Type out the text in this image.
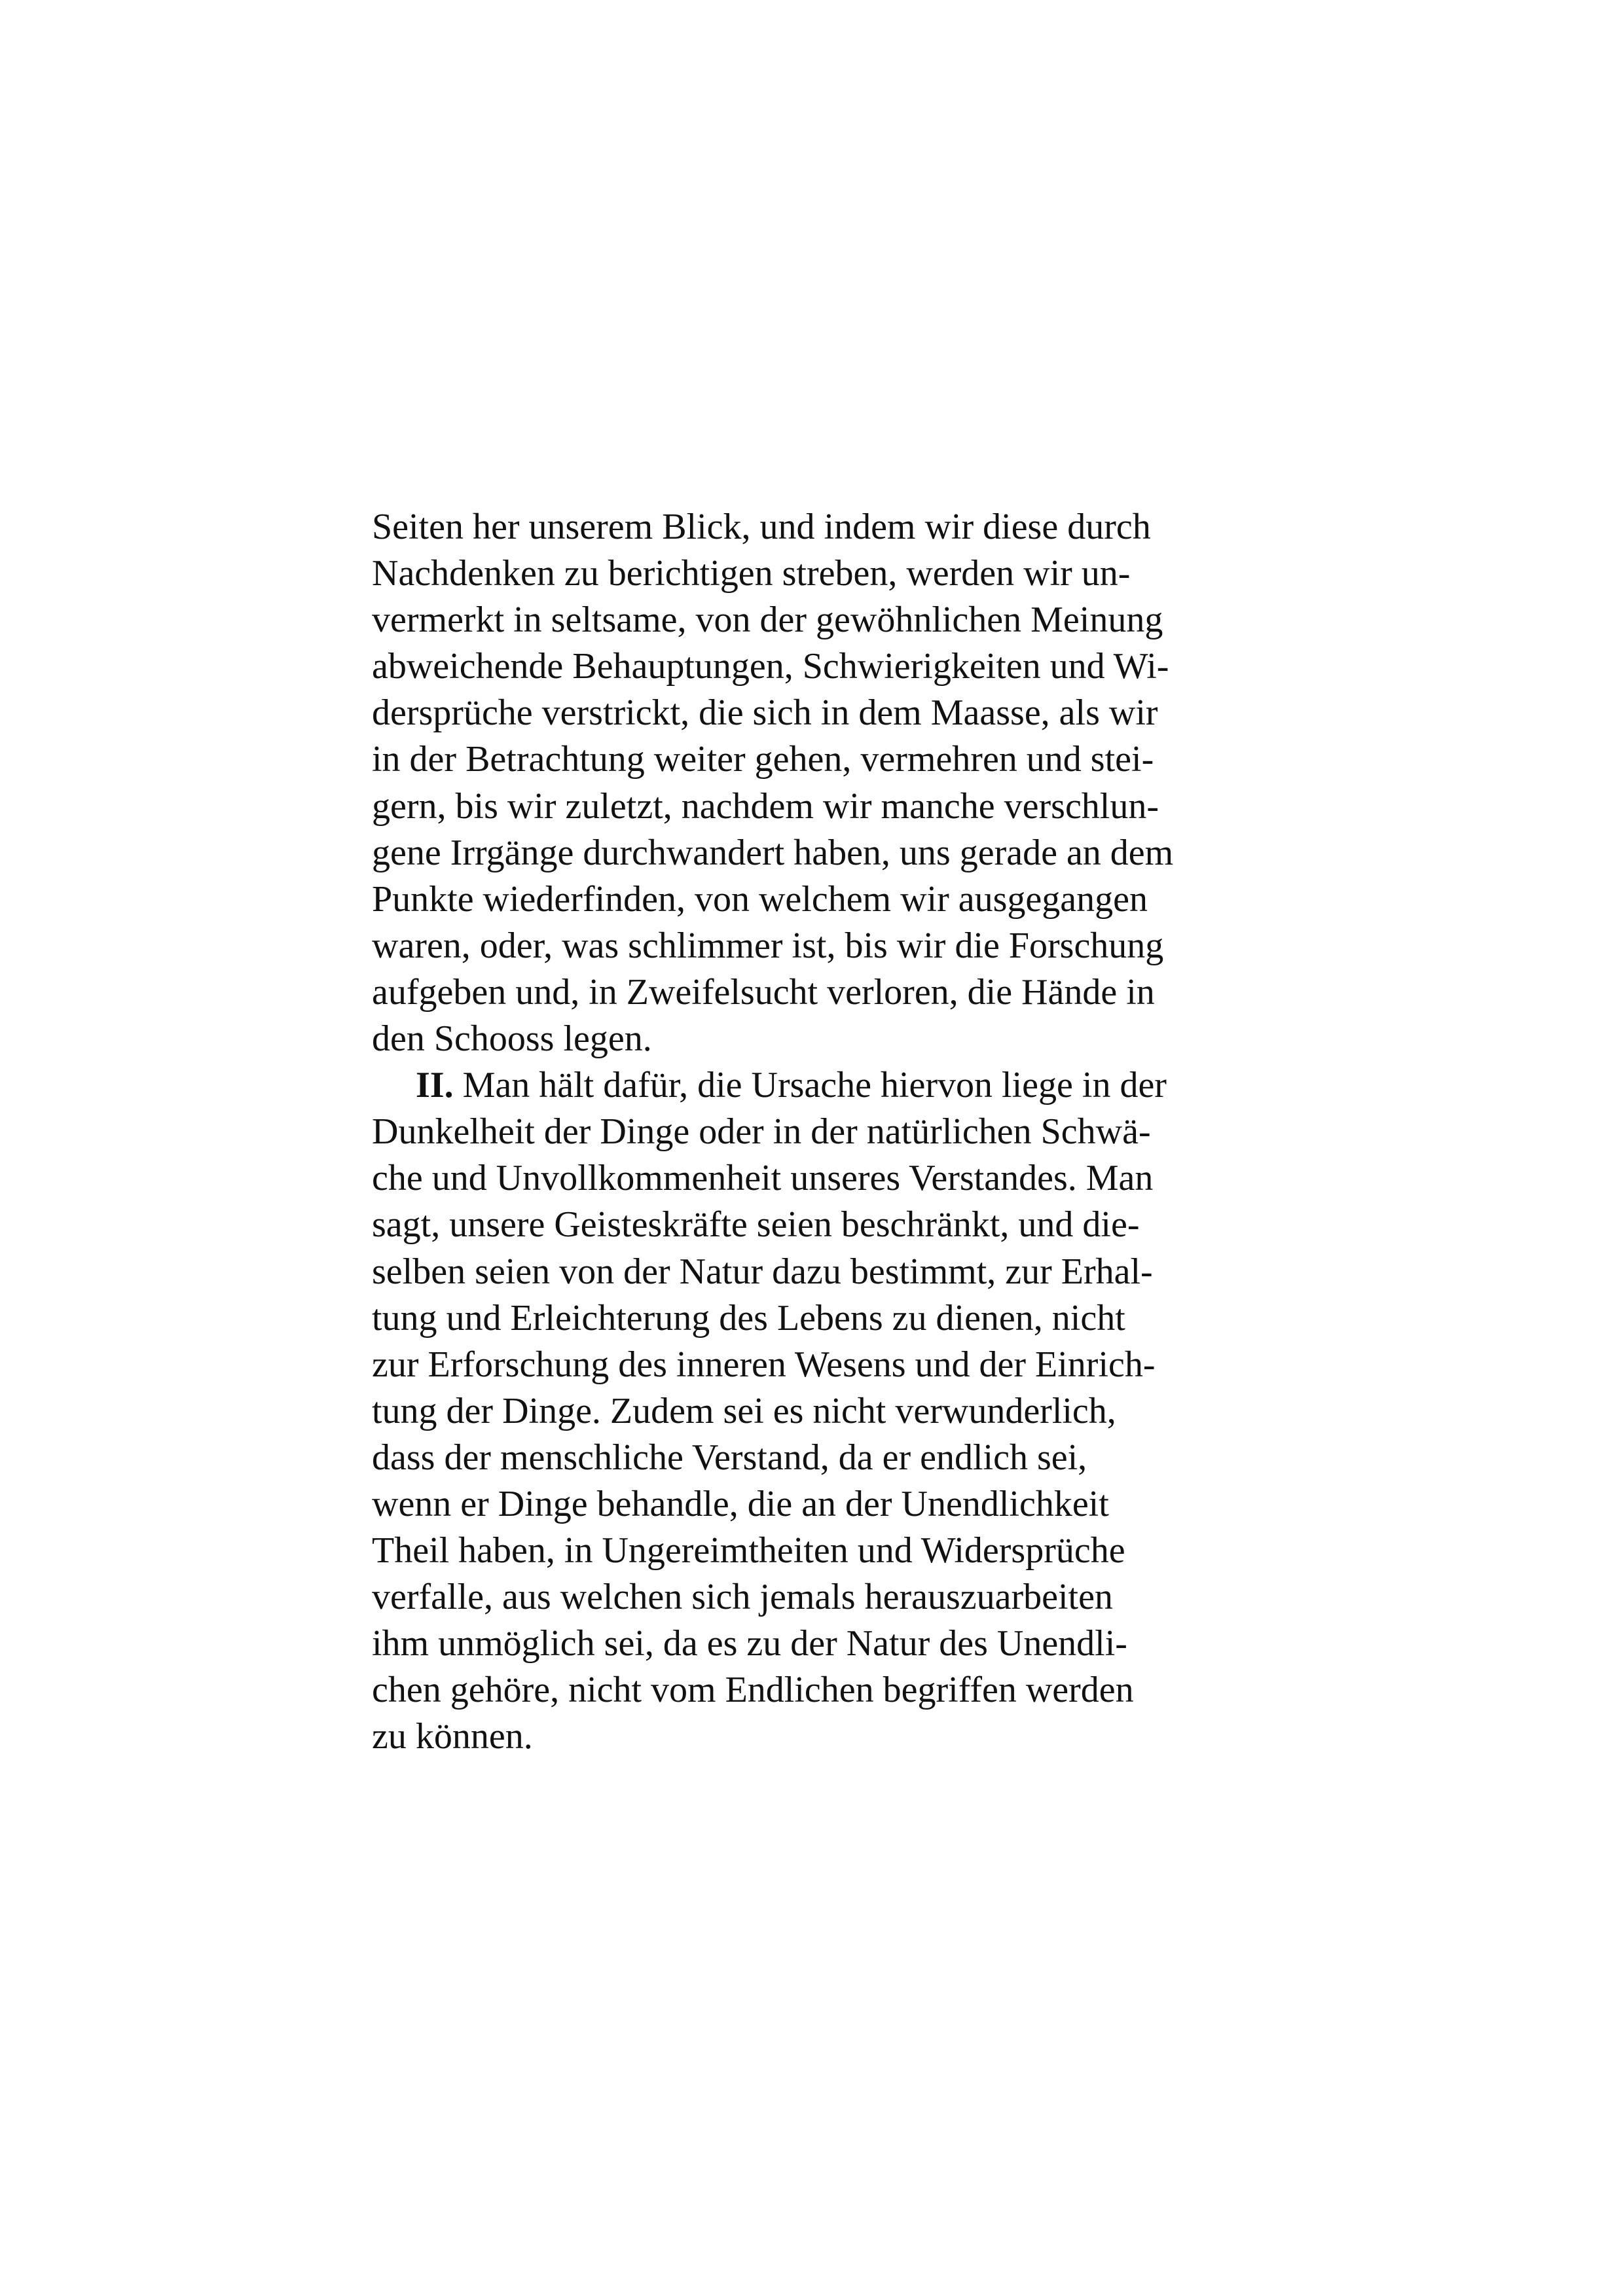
Seiten her unserem Blick, und indem wir diese durch
Nachdenken zu berichtigen streben, werden wir un-
vermerkt in seltsame, von der gewöhnlichen Meinung
abweichende Behauptungen, Schwierigkeiten und Wi-
dersprüche verstrickt, die sich in dem Maasse, als wir
in der Betrachtung weiter gehen, vermehren und stei-
gern, bis wir zuletzt, nachdem wir manche verschlun-
gene Irrgänge durchwandert haben, uns gerade an dem
Punkte wiederfinden, von welchem wir ausgegangen
waren, oder, was schlimmer ist, bis wir die Forschung
aufgeben und, in Zweifelsucht verloren, die Hände in
den Schooss legen.
II. Man hält dafür, die Ursache hiervon liege in der
Dunkelheit der Dinge oder in der natürlichen Schwä-
che und Unvollkommenheit unseres Verstandes. Man
sagt, unsere Geisteskräfte seien beschränkt, und die-
selben seien von der Natur dazu bestimmt, zur Erhal-
tung und Erleichterung des Lebens zu dienen, nicht
zur Erforschung des inneren Wesens und der Einrich-
tung der Dinge. Zudem sei es nicht verwunderlich,
dass der menschliche Verstand, da er endlich sei,
wenn er Dinge behandle, die an der Unendlichkeit
Theil haben, in Ungereimtheiten und Widersprüche
verfalle, aus welchen sich jemals herauszuarbeiten
ihm unmöglich sei, da es zu der Natur des Unendli-
chen gehöre, nicht vom Endlichen begriffen werden
zu können.
